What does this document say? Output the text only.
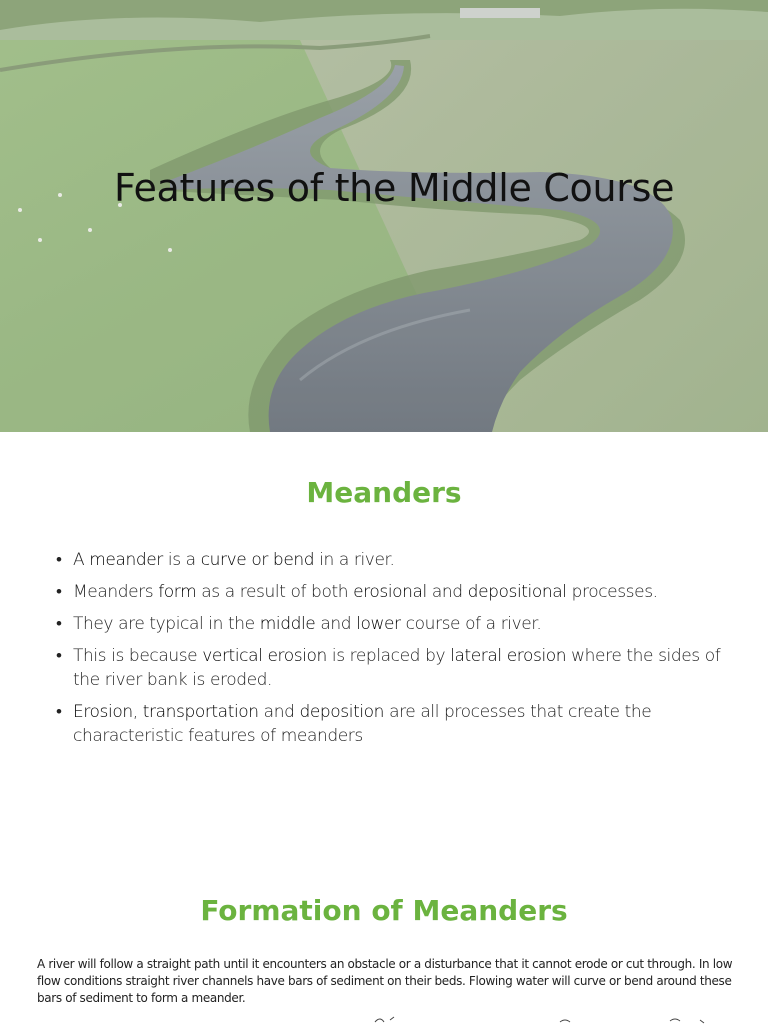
Features of the Middle Course
Meanders
• A meander is a curve or bend in a river.
• Meanders form as a result of both erosional and depositional processes.
• They are typical in the middle and lower course of a river.
• This is because vertical erosion is replaced by lateral erosion where the sides of the river bank is eroded.
• Erosion, transportation and deposition are all processes that create the characteristic features of meanders
Formation of Meanders

A river will follow a straight path until it encounters an obstacle or a disturbance that it cannot erode or cut through. In low flow conditions straight river channels have bars of sediment on their beds. Flowing water will curve or bend around these bars of sediment to form a meander.
